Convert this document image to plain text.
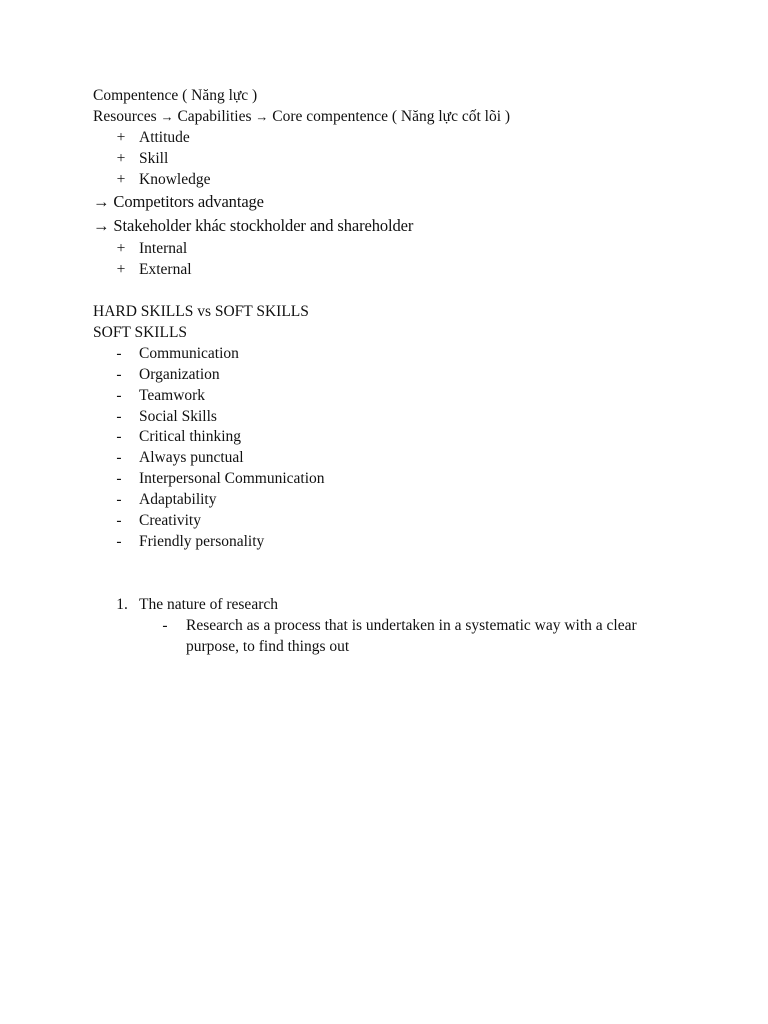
Compentence ( Năng lực )
Resources → Capabilities → Core compentence ( Năng lực cốt lõi )
+ Attitude
+ Skill
+ Knowledge
→ Competitors advantage
→ Stakeholder khác stockholder and shareholder
+ Internal
+ External
HARD SKILLS vs SOFT SKILLS
SOFT SKILLS
-	Communication
-	Organization
-	Teamwork
-	Social Skills
-	Critical thinking
-	Always punctual
-	Interpersonal Communication
-	Adaptability
-	Creativity
-	Friendly personality
1. The nature of research
-	Research as a process that is undertaken in a systematic way with a clear
purpose, to find things out
